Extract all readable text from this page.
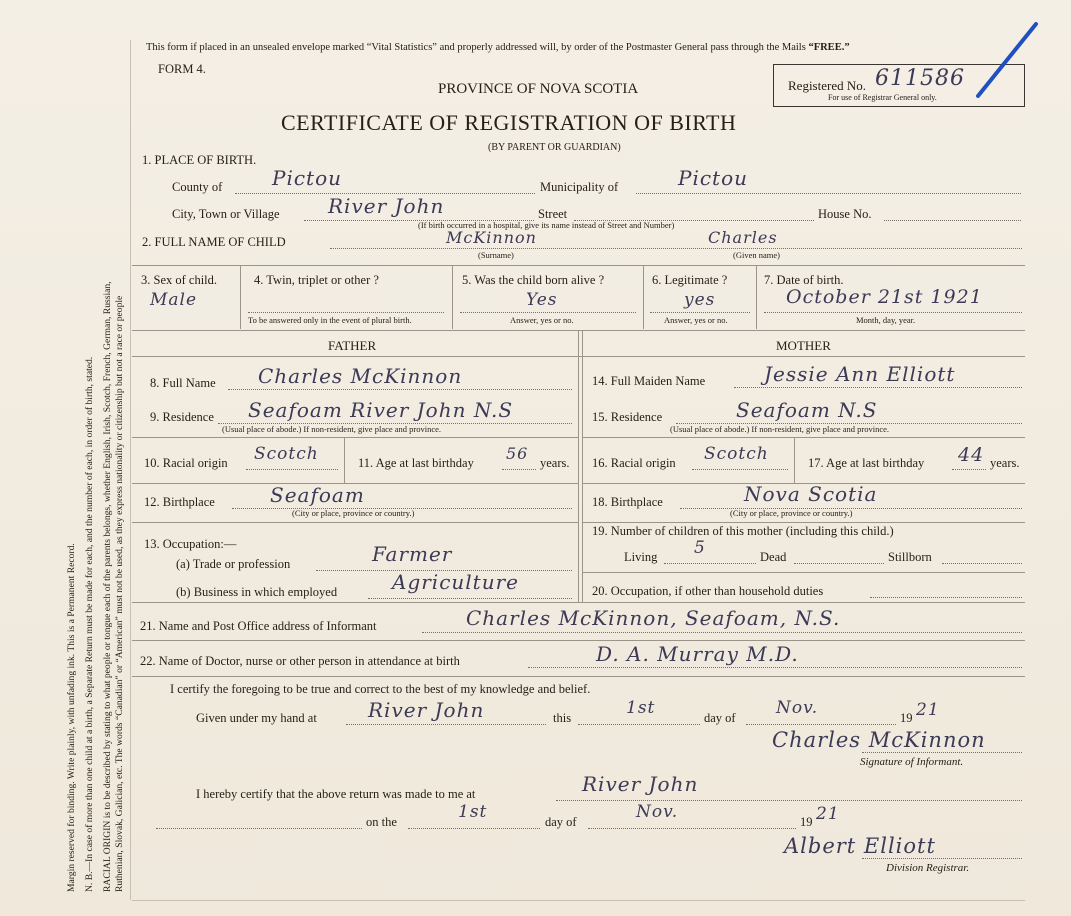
Margin reserved for binding. Write plainly, with unfading ink. This is a Permanent Record. N. B.—In case of more than one child at a birth, a Separate Return must be made for each, and the number of each, in order of birth, stated. RACIAL ORIGIN is to be described by stating to what people or tongue each of the parents belongs, whether English, Irish, Scotch, French, German, Russian, Ruthenian, Slovak, Galician, etc. The words “Canadian” or “American” must not be used, as they express nationality or citizenship but not a race or people
This form if placed in an unsealed envelope marked “Vital Statistics” and properly addressed will, by order of the Postmaster General pass through the Mails “FREE.”
FORM 4.
PROVINCE OF NOVA SCOTIA
CERTIFICATE OF REGISTRATION OF BIRTH
(BY PARENT OR GUARDIAN)
Registered No. 611586
For use of Registrar General only.
1. PLACE OF BIRTH.
County of Pictou	Municipality of	Pictou
City, Town or Village River John	Street	House No.
(If birth occurred in a hospital, give its name instead of Street and Number)
2. FULL NAME OF CHILD	McKinnon	Charles
(Surname)	(Given name)
3. Sex of child.
Male
4. Twin, triplet or other ?
To be answered only in the event of plural birth.
5. Was the child born alive ?
Yes
Answer, yes or no.
6. Legitimate ?
yes
Answer, yes or no.
7. Date of birth.
October 21st 1921
Month, day, year.
FATHER	MOTHER
8. Full Name Charles McKinnon
9. Residence Seafoam River John N.S
(Usual place of abode.) If non-resident, give place and province.
10. Racial origin Scotch	11. Age at last birthday 56 years.
12. Birthplace	Seafoam
(City or place, province or country.)
13. Occupation:—
(a) Trade or profession	Farmer
(b) Business in which employed	Agriculture
14. Full Maiden Name	Jessie Ann Elliott
15. Residence	Seafoam N.S
(Usual place of abode.) If non-resident, give place and province.
16. Racial origin Scotch	17. Age at last birthday 44 years.
18. Birthplace	Nova Scotia
(City or place, province or country.)
19. Number of children of this mother (including this child.)
Living 5	Dead	Stillborn
20. Occupation, if other than household duties
21. Name and Post Office address of Informant	Charles McKinnon, Seafoam, N.S.
22. Name of Doctor, nurse or other person in attendance at birth	D. A. Murray M.D.
I certify the foregoing to be true and correct to the best of my knowledge and belief.
Given under my hand at	River John	this	1st	day of Nov.	19 21
Charles McKinnon
Signature of Informant.
I hereby certify that the above return was made to me at	River John
on the	1st	day of	Nov.	19 21
Albert Elliott
Division Registrar.
